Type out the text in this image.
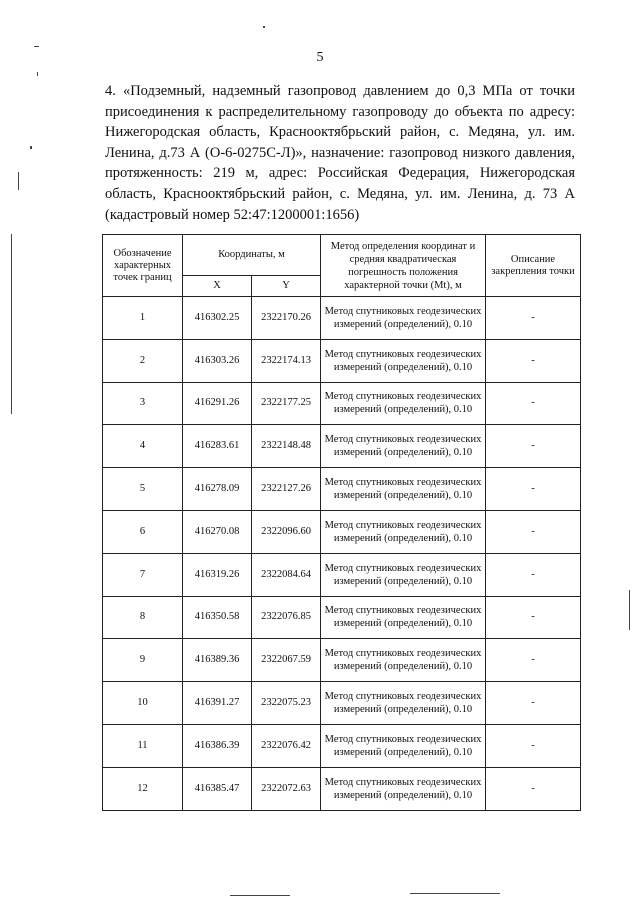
5
4. «Подземный, надземный газопровод давлением до 0,3 МПа от точки присоединения к распределительному газопроводу до объекта по адресу: Нижегородская область, Краснооктябрьский район, с. Медяна, ул. им. Ленина, д.73 А (О-6-0275С-Л)», назначение: газопровод низкого давления, протяженность: 219 м, адрес: Российская Федерация, Нижегородская область, Краснооктябрьский район, с. Медяна, ул. им. Ленина, д. 73 А (кадастровый номер 52:47:1200001:1656)
Обозначение характерных точек границ	Координаты, м		Метод определения координат и средняя квадратическая погрешность положения характерной точки (Мt), м	Описание закрепления точки
	X	Y		
1	416302.25	2322170.26	Метод спутниковых геодезических измерений (определений), 0.10	-
2	416303.26	2322174.13	Метод спутниковых геодезических измерений (определений), 0.10	-
3	416291.26	2322177.25	Метод спутниковых геодезических измерений (определений), 0.10	-
4	416283.61	2322148.48	Метод спутниковых геодезических измерений (определений), 0.10	-
5	416278.09	2322127.26	Метод спутниковых геодезических измерений (определений), 0.10	-
6	416270.08	2322096.60	Метод спутниковых геодезических измерений (определений), 0.10	-
7	416319.26	2322084.64	Метод спутниковых геодезических измерений (определений), 0.10	-
8	416350.58	2322076.85	Метод спутниковых геодезических измерений (определений), 0.10	-
9	416389.36	2322067.59	Метод спутниковых геодезических измерений (определений), 0.10	-
10	416391.27	2322075.23	Метод спутниковых геодезических измерений (определений), 0.10	-
11	416386.39	2322076.42	Метод спутниковых геодезических измерений (определений), 0.10	-
12	416385.47	2322072.63	Метод спутниковых геодезических измерений (определений), 0.10	-
